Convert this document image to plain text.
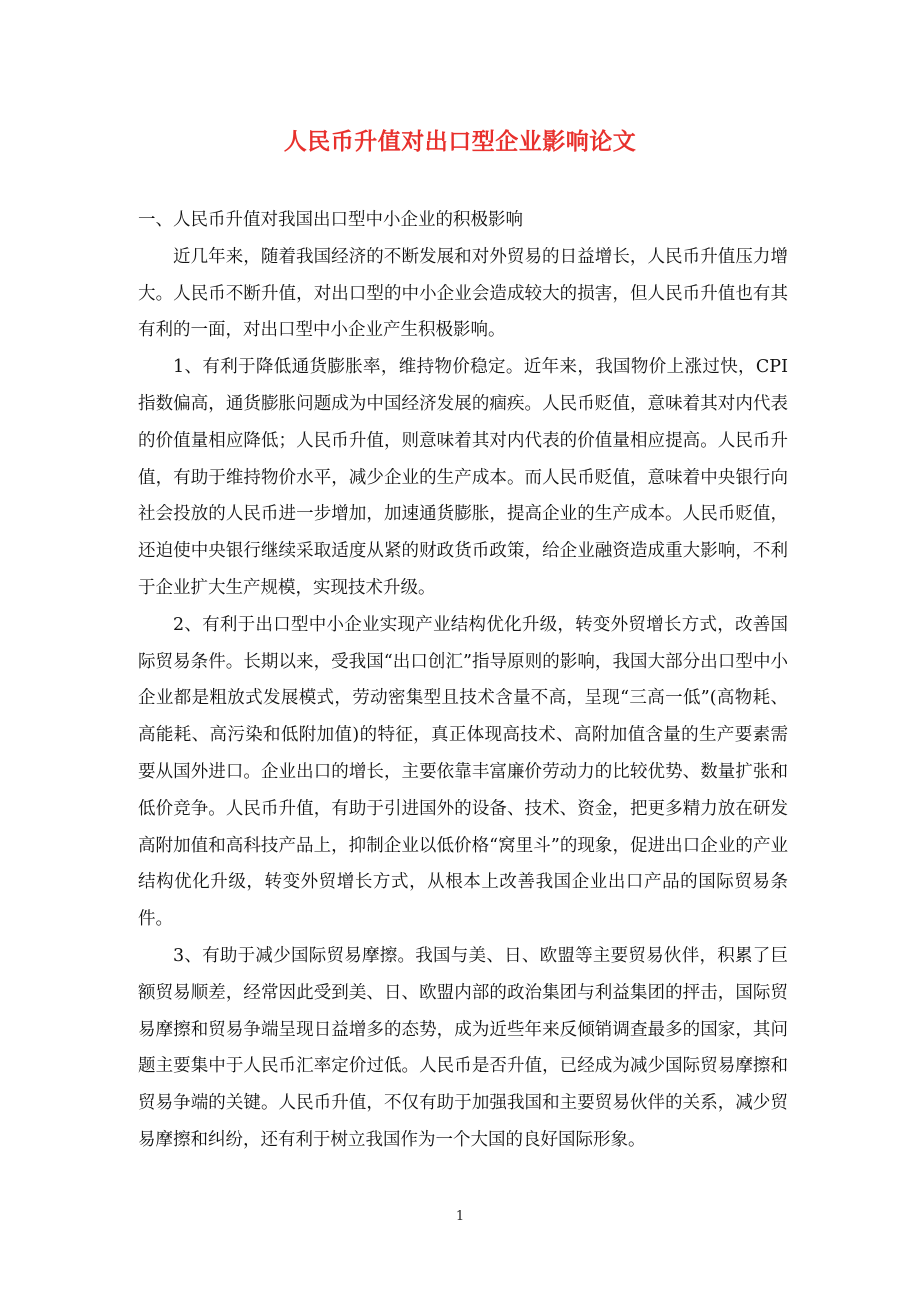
人民币升值对出口型企业影响论文

一、人民币升值对我国出口型中小企业的积极影响

近几年来，随着我国经济的不断发展和对外贸易的日益增长，人民币升值压力增大。人民币不断升值，对出口型的中小企业会造成较大的损害，但人民币升值也有其有利的一面，对出口型中小企业产生积极影响。

1、有利于降低通货膨胀率，维持物价稳定。近年来，我国物价上涨过快，CPI指数偏高，通货膨胀问题成为中国经济发展的痼疾。人民币贬值，意味着其对内代表的价值量相应降低；人民币升值，则意味着其对内代表的价值量相应提高。人民币升值，有助于维持物价水平，减少企业的生产成本。而人民币贬值，意味着中央银行向社会投放的人民币进一步增加，加速通货膨胀，提高企业的生产成本。人民币贬值，还迫使中央银行继续采取适度从紧的财政货币政策，给企业融资造成重大影响，不利于企业扩大生产规模，实现技术升级。

2、有利于出口型中小企业实现产业结构优化升级，转变外贸增长方式，改善国际贸易条件。长期以来，受我国“出口创汇”指导原则的影响，我国大部分出口型中小企业都是粗放式发展模式，劳动密集型且技术含量不高，呈现“三高一低”(高物耗、高能耗、高污染和低附加值)的特征，真正体现高技术、高附加值含量的生产要素需要从国外进口。企业出口的增长，主要依靠丰富廉价劳动力的比较优势、数量扩张和低价竞争。人民币升值，有助于引进国外的设备、技术、资金，把更多精力放在研发高附加值和高科技产品上，抑制企业以低价格“窝里斗”的现象，促进出口企业的产业结构优化升级，转变外贸增长方式，从根本上改善我国企业出口产品的国际贸易条件。

3、有助于减少国际贸易摩擦。我国与美、日、欧盟等主要贸易伙伴，积累了巨额贸易顺差，经常因此受到美、日、欧盟内部的政治集团与利益集团的抨击，国际贸易摩擦和贸易争端呈现日益增多的态势，成为近些年来反倾销调查最多的国家，其问题主要集中于人民币汇率定价过低。人民币是否升值，已经成为减少国际贸易摩擦和贸易争端的关键。人民币升值，不仅有助于加强我国和主要贸易伙伴的关系，减少贸易摩擦和纠纷，还有利于树立我国作为一个大国的良好国际形象。

1
